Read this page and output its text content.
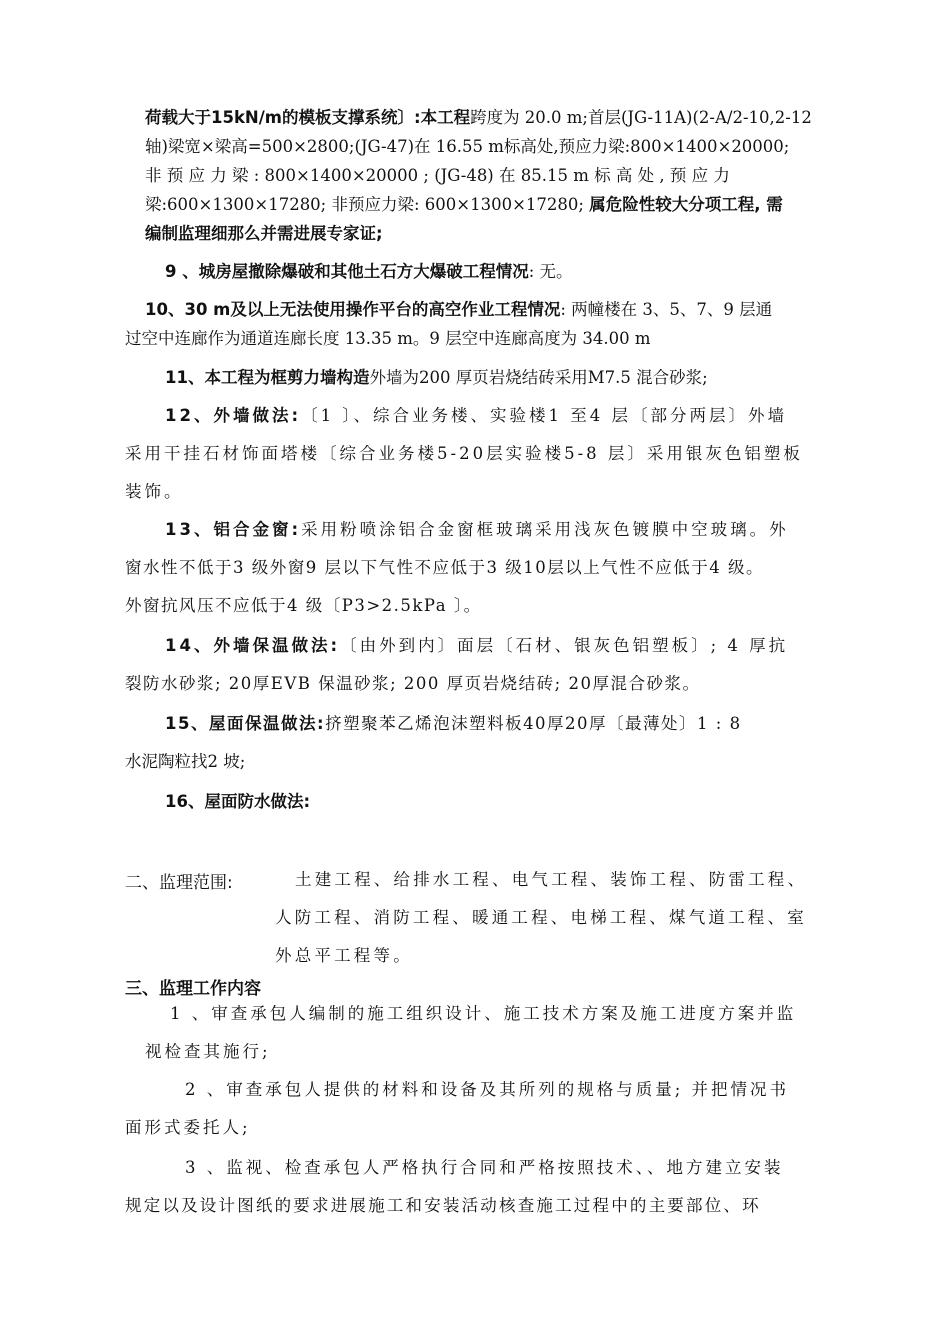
荷载大于15kN/m的模板支撑系统〕:本工程跨度为 20.0 m;首层(JG-11A)(2-A/2-10,2-12
轴)梁宽×梁高=500×2800;(JG-47)在 16.55 m标高处,预应力梁:800×1400×20000;
非 预 应 力 梁 : 800×1400×20000 ; (JG-48) 在 85.15 m 标 高 处 , 预 应 力
梁:600×1300×17280; 非预应力梁: 600×1300×17280; 属危险性较大分项工程, 需
编制监理细那么并需进展专家证;
9 、城房屋撤除爆破和其他土石方大爆破工程情况: 无。
10、30 m及以上无法使用操作平台的高空作业工程情况: 两幢楼在 3、5、7、9 层通
过空中连廊作为通道连廊长度 13.35 m。9 层空中连廊高度为 34.00 m
11、本工程为框剪力墙构造外墙为200 厚页岩烧结砖采用M7.5 混合砂浆;
12、外墙做法:〔1 〕、综合业务楼、实验楼1 至4 层〔部分两层〕外墙
采用干挂石材饰面塔楼〔综合业务楼5-20层实验楼5-8 层〕采用银灰色铝塑板
装饰。
13、铝合金窗:采用粉喷涂铝合金窗框玻璃采用浅灰色镀膜中空玻璃。外
窗水性不低于3 级外窗9 层以下气性不应低于3 级10层以上气性不应低于4 级。
外窗抗风压不应低于4 级〔P3>2.5kPa 〕。
14、外墙保温做法:〔由外到内〕面层〔石材、银灰色铝塑板〕; 4 厚抗
裂防水砂浆; 20厚EVB 保温砂浆; 200 厚页岩烧结砖; 20厚混合砂浆。
15、屋面保温做法:挤塑聚苯乙烯泡沫塑料板40厚20厚〔最薄处〕1 : 8
水泥陶粒找2 坡;
16、屋面防水做法:
二、监理范围:	土建工程、给排水工程、电气工程、装饰工程、防雷工程、
人防工程、消防工程、暖通工程、电梯工程、煤气道工程、室
外总平工程等。
三、监理工作内容
1 、审查承包人编制的施工组织设计、施工技术方案及施工进度方案并监
视检查其施行;
2 、审查承包人提供的材料和设备及其所列的规格与质量; 并把情况书
面形式委托人;
3 、监视、检查承包人严格执行合同和严格按照技术、、地方建立安装
规定以及设计图纸的要求进展施工和安装活动核查施工过程中的主要部位、环
